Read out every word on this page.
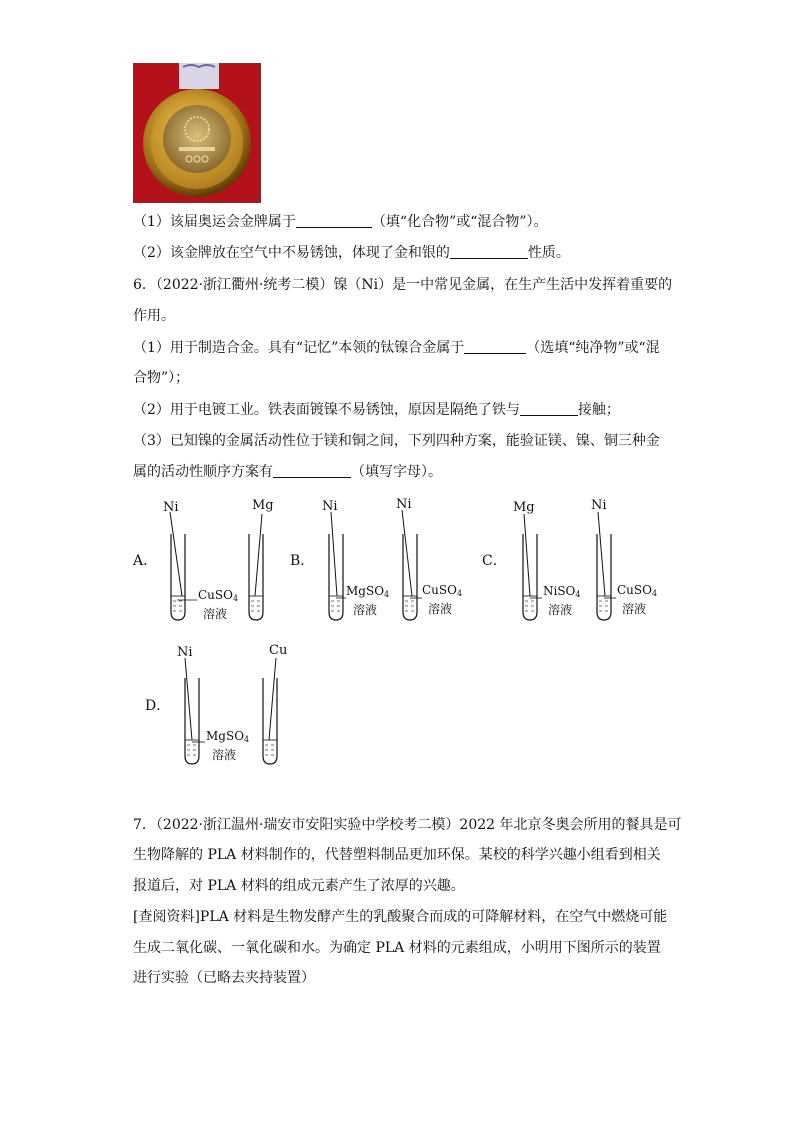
（1）该届奥运会金牌属于	（填“化合物”或“混合物”）。
（2）该金牌放在空气中不易锈蚀，体现了金和银的	性质。
6．（2022·浙江衢州·统考二模）镍（Ni）是一中常见金属，在生产生活中发挥着重要的
作用。
（1）用于制造合金。具有“记忆”本领的钛镍合金属于	（选填“纯净物”或“混
合物”）；
（2）用于电镀工业。铁表面镀镍不易锈蚀，原因是隔绝了铁与	接触；
（3）已知镍的金属活动性位于镁和铜之间，下列四种方案，能验证镁、镍、铜三种金
属的活动性顺序方案有	（填写字母）。
A．
Ni	Mg
CuSO$_4$
溶液
B．
Ni	Ni
MgSO$_4$
溶液
CuSO$_4$
溶液
C．
Mg	Ni
NiSO$_4$
溶液
CuSO$_4$
溶液
D．
Ni	Cu
MgSO$_4$
溶液
7．（2022·浙江温州·瑞安市安阳实验中学校考二模）2022 年北京冬奥会所用的餐具是可
生物降解的 PLA 材料制作的，代替塑料制品更加环保。某校的科学兴趣小组看到相关
报道后，对 PLA 材料的组成元素产生了浓厚的兴趣。
[查阅资料]PLA 材料是生物发酵产生的乳酸聚合而成的可降解材料，在空气中燃烧可能
生成二氧化碳、一氧化碳和水。为确定 PLA 材料的元素组成，小明用下图所示的装置
进行实验（已略去夹持装置）
